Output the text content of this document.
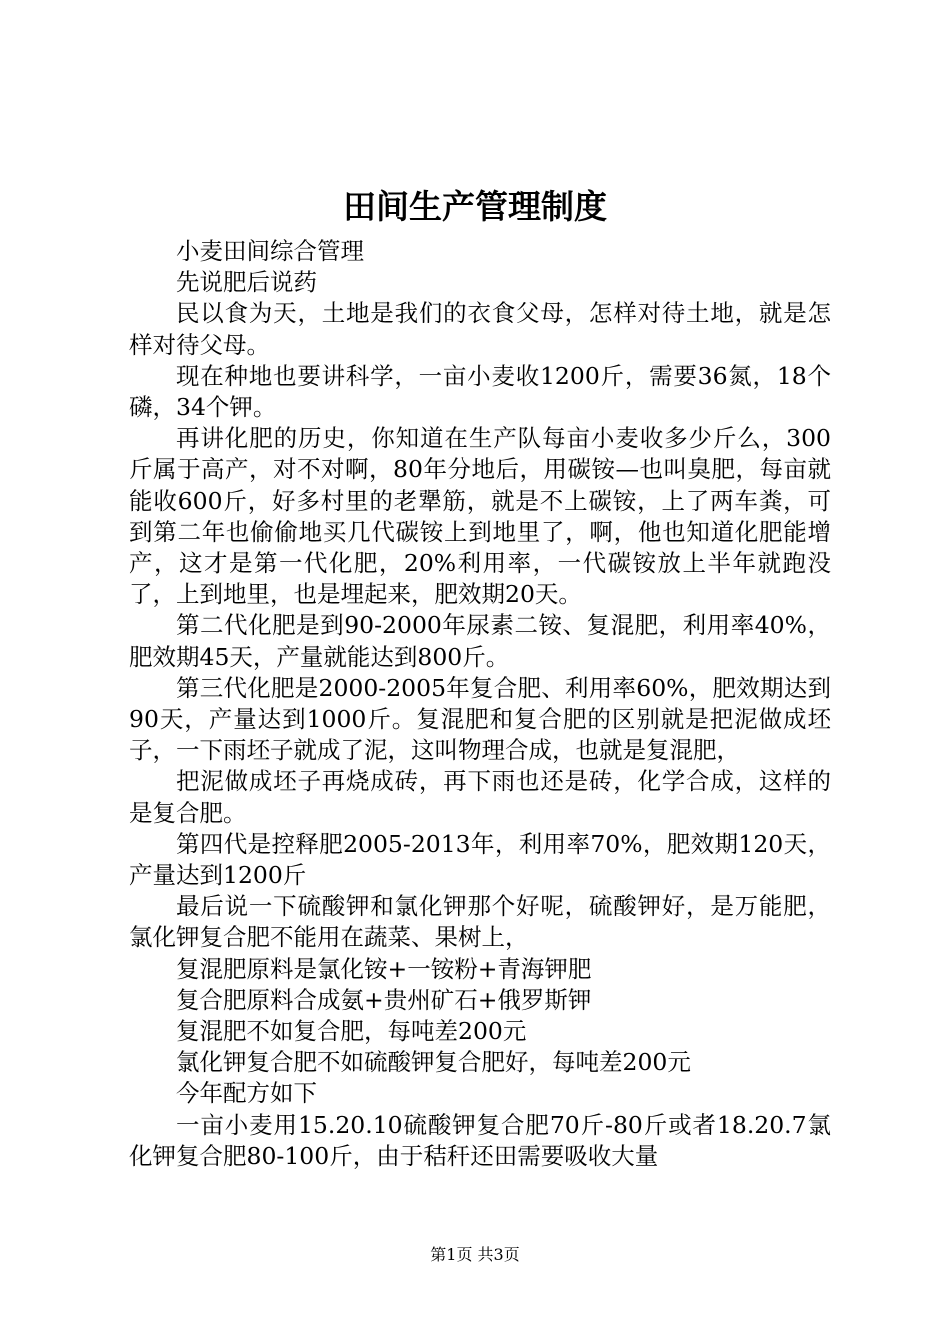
田间生产管理制度

小麦田间综合管理

先说肥后说药

民以食为天，土地是我们的衣食父母，怎样对待土地，就是怎样对待父母。

现在种地也要讲科学，一亩小麦收1200斤，需要36氮，18个磷，34个钾。

再讲化肥的历史，你知道在生产队每亩小麦收多少斤么，300斤属于高产，对不对啊，80年分地后，用碳铵—也叫臭肥，每亩就能收600斤，好多村里的老犟筋，就是不上碳铵，上了两车粪，可到第二年也偷偷地买几代碳铵上到地里了，啊，他也知道化肥能增产，这才是第一代化肥，20%利用率，一代碳铵放上半年就跑没了，上到地里，也是埋起来，肥效期20天。

第二代化肥是到90-2000年尿素二铵、复混肥，利用率40%，肥效期45天，产量就能达到800斤。

第三代化肥是2000-2005年复合肥、利用率60%，肥效期达到90天，产量达到1000斤。复混肥和复合肥的区别就是把泥做成坯子，一下雨坯子就成了泥，这叫物理合成，也就是复混肥，

把泥做成坯子再烧成砖，再下雨也还是砖，化学合成，这样的是复合肥。

第四代是控释肥2005-2013年，利用率70%，肥效期120天，产量达到1200斤

最后说一下硫酸钾和氯化钾那个好呢，硫酸钾好，是万能肥，氯化钾复合肥不能用在蔬菜、果树上，

复混肥原料是氯化铵+一铵粉+青海钾肥

复合肥原料合成氨+贵州矿石+俄罗斯钾

复混肥不如复合肥，每吨差200元

氯化钾复合肥不如硫酸钾复合肥好，每吨差200元

今年配方如下

一亩小麦用15.20.10硫酸钾复合肥70斤-80斤或者18.20.7氯化钾复合肥80-100斤，由于秸秆还田需要吸收大量

第1页 共3页
